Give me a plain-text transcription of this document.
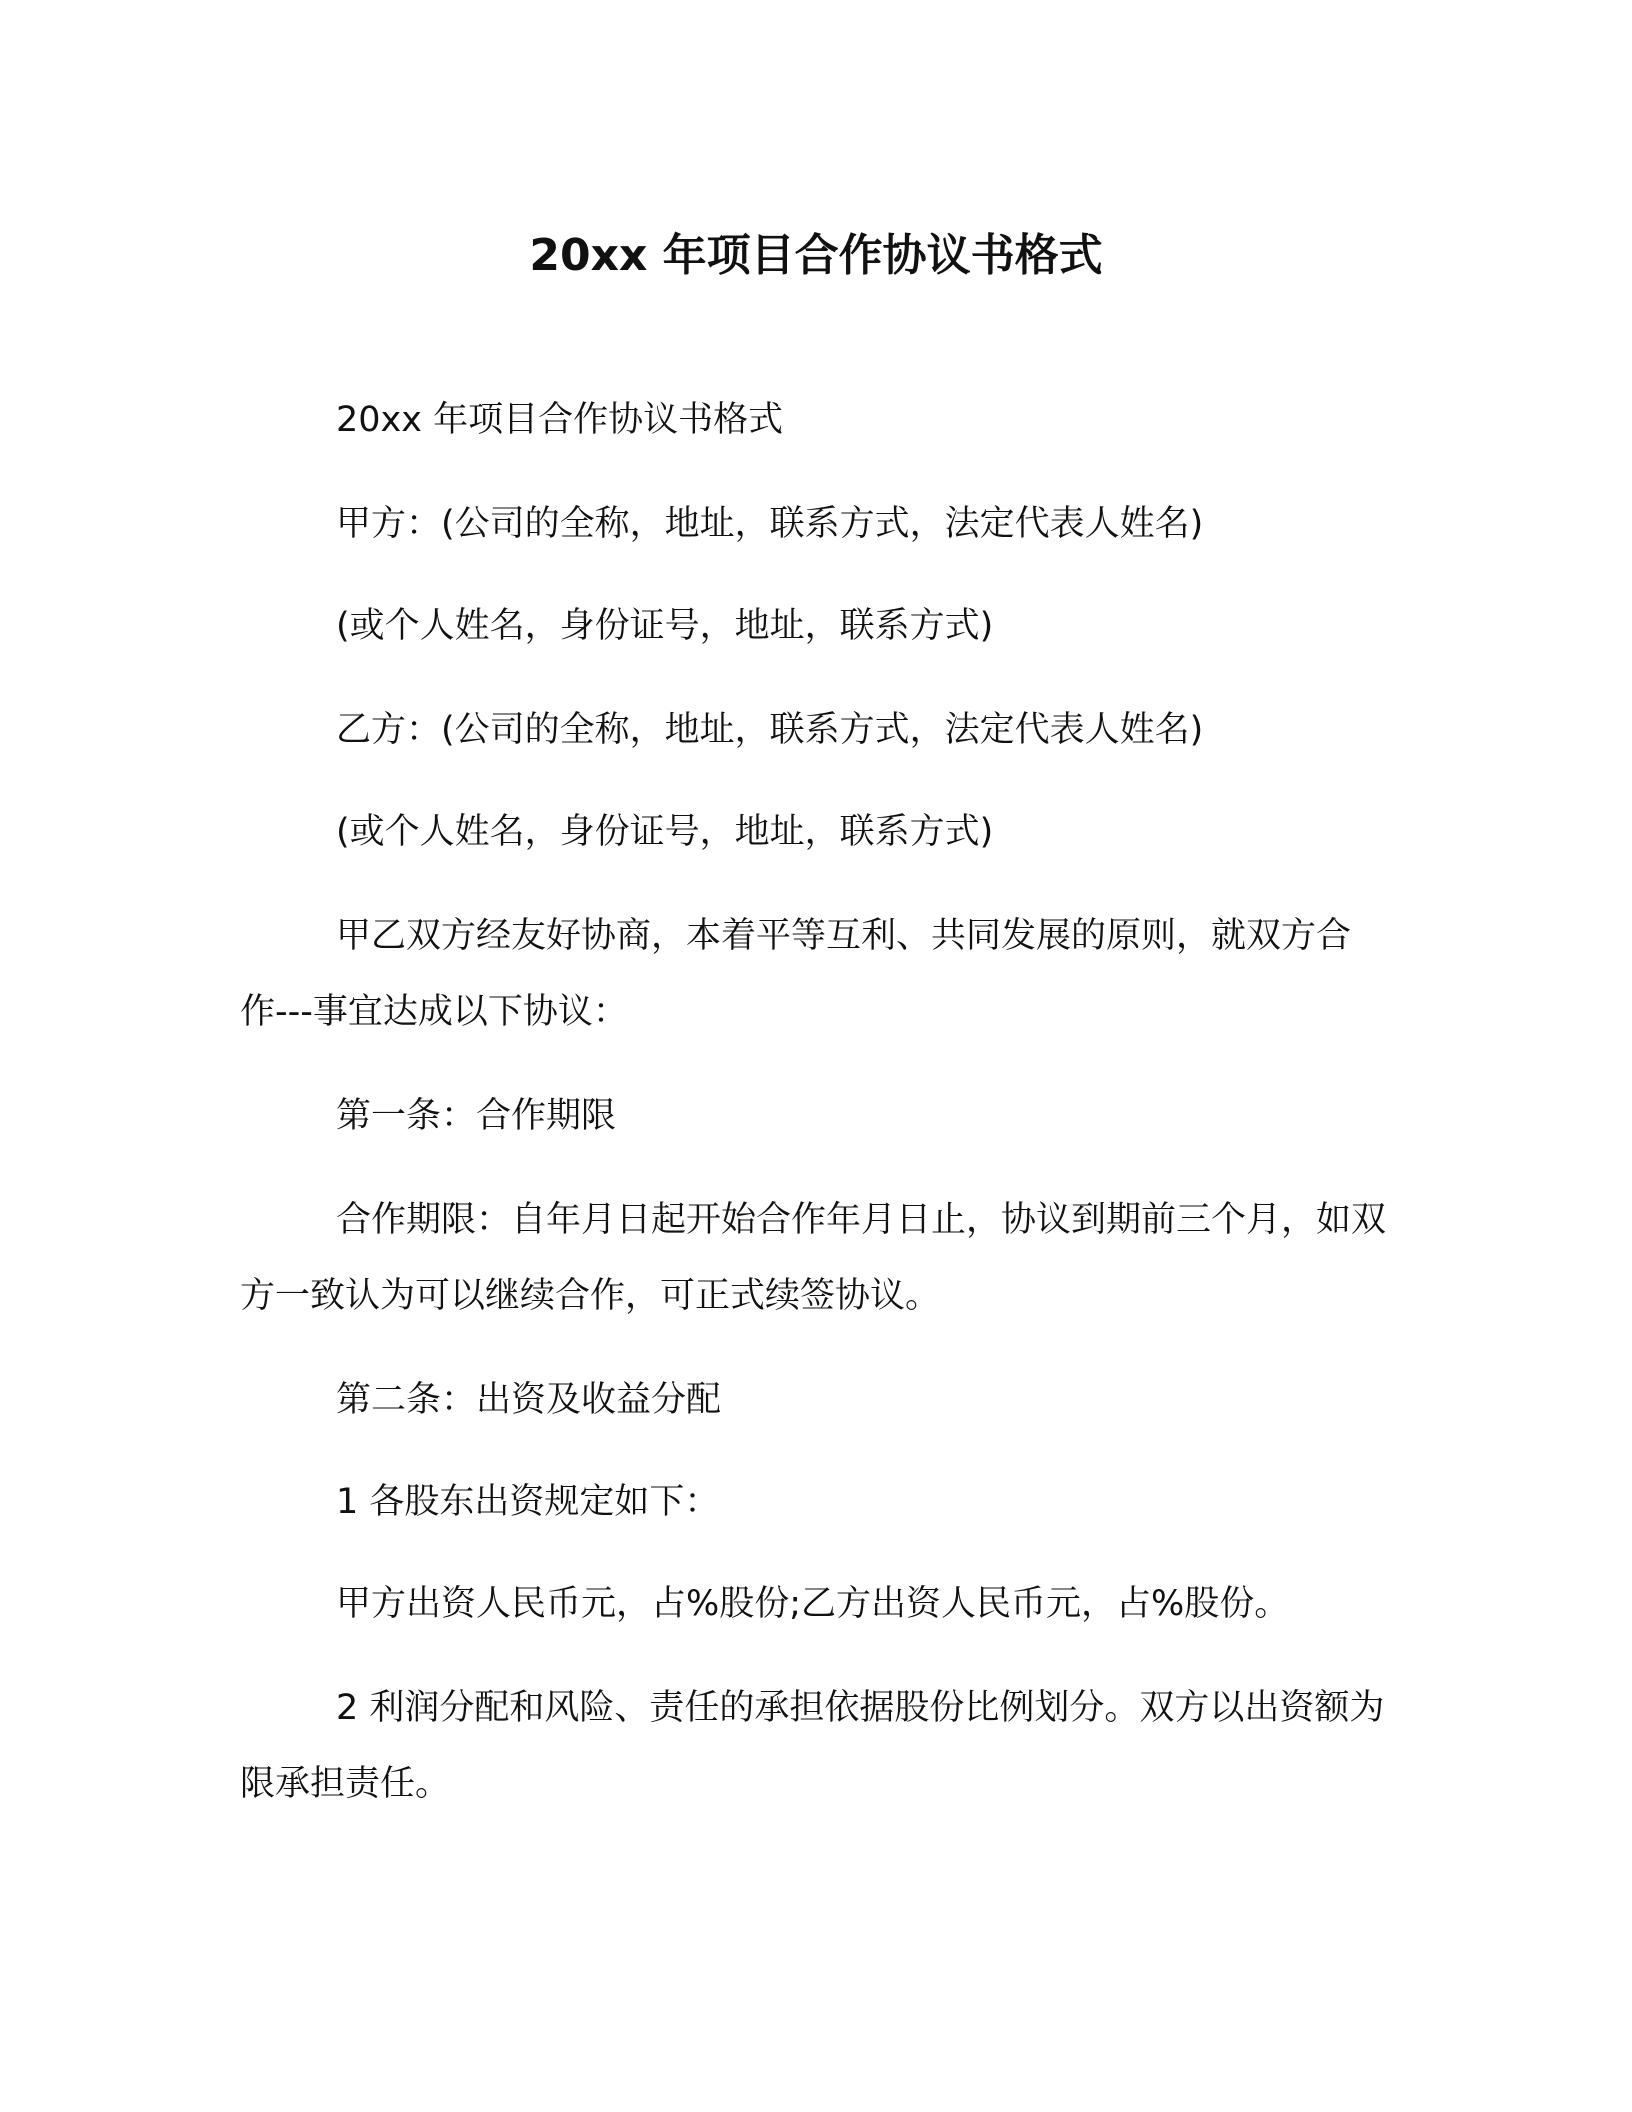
20xx 年项目合作协议书格式
20xx 年项目合作协议书格式
甲方：(公司的全称，地址，联系方式，法定代表人姓名)
(或个人姓名，身份证号，地址，联系方式)
乙方：(公司的全称，地址，联系方式，法定代表人姓名)
(或个人姓名，身份证号，地址，联系方式)
甲乙双方经友好协商，本着平等互利、共同发展的原则，就双方合作---事宜达成以下协议：
第一条：合作期限
合作期限：自年月日起开始合作年月日止，协议到期前三个月，如双方一致认为可以继续合作，可正式续签协议。
第二条：出资及收益分配
1 各股东出资规定如下：
甲方出资人民币元，占%股份;乙方出资人民币元，占%股份。
2 利润分配和风险、责任的承担依据股份比例划分。双方以出资额为限承担责任。
